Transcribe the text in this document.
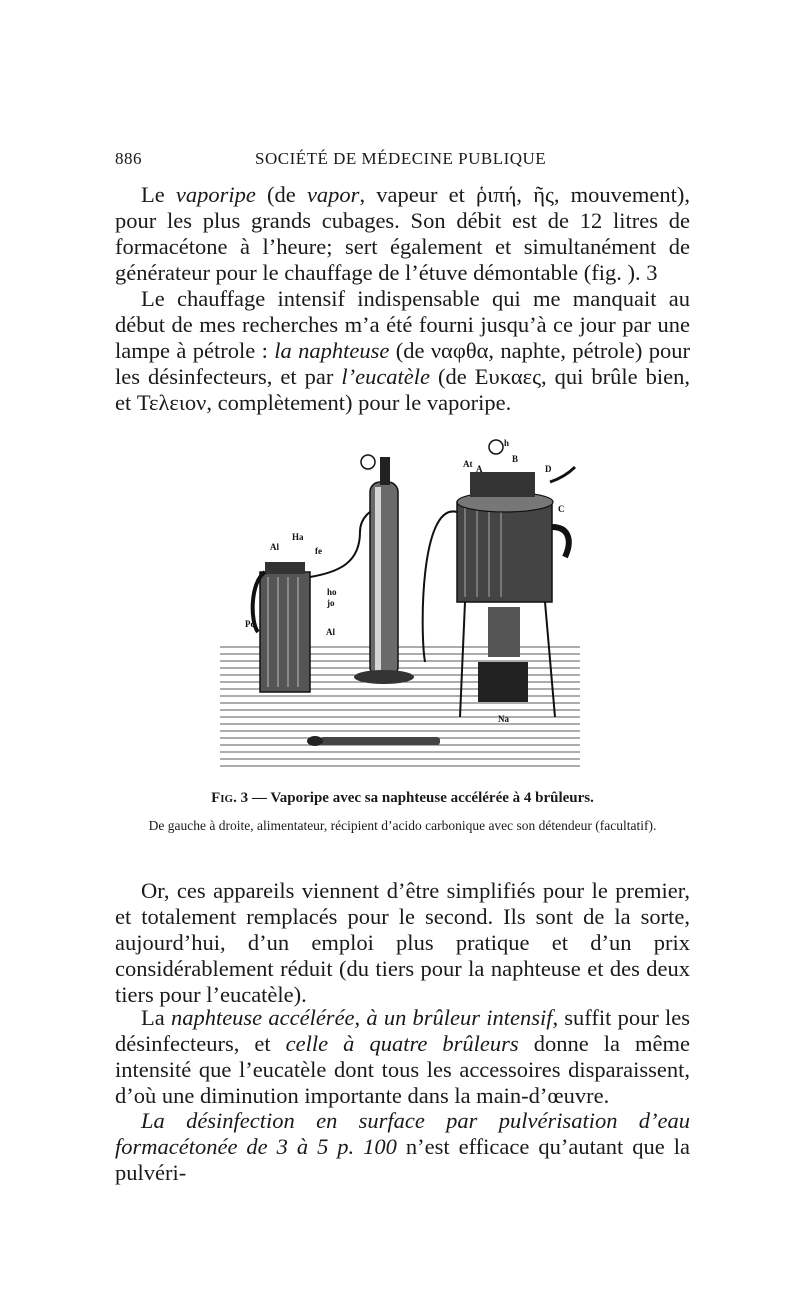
886	SOCIÉTÉ DE MÉDECINE PUBLIQUE

Le vaporipe (de vapor, vapeur et ῥιπή, ῆς, mouvement), pour les plus grands cubages. Son débit est de 12 litres de formacétone à l’heure; sert également et simultanément de générateur pour le chauffage de l’étuve démontable (fig. ). 3

Le chauffage intensif indispensable qui me manquait au début de mes recherches m’a été fourni jusqu’à ce jour par une lampe à pétrole : la naphteuse (de ναφθα, naphte, pétrole) pour les désinfecteurs, et par l’eucatèle (de Ευκαες, qui brûle bien, et Τελειον, complètement) pour le vaporipe.

Ha
Al	fe
Pc
ho
jo
Al
At	B
D
C
h
A
Na
Fig. 3 — Vaporipe avec sa naphteuse accélérée à 4 brûleurs.
De gauche à droite, alimentateur, récipient d’acido carbonique avec son détendeur (facultatif).

Or, ces appareils viennent d’être simplifiés pour le premier, et totalement remplacés pour le second. Ils sont de la sorte, aujourd’hui, d’un emploi plus pratique et d’un prix considérablement réduit (du tiers pour la naphteuse et des deux tiers pour l’eucatèle).

La naphteuse accélérée, à un brûleur intensif, suffit pour les désinfecteurs, et celle à quatre brûleurs donne la même intensité que l’eucatèle dont tous les accessoires disparaissent, d’où une diminution importante dans la main-d’œuvre.

La désinfection en surface par pulvérisation d’eau formacétonée de 3 à 5 p. 100 n’est efficace qu’autant que la pulvéri-
